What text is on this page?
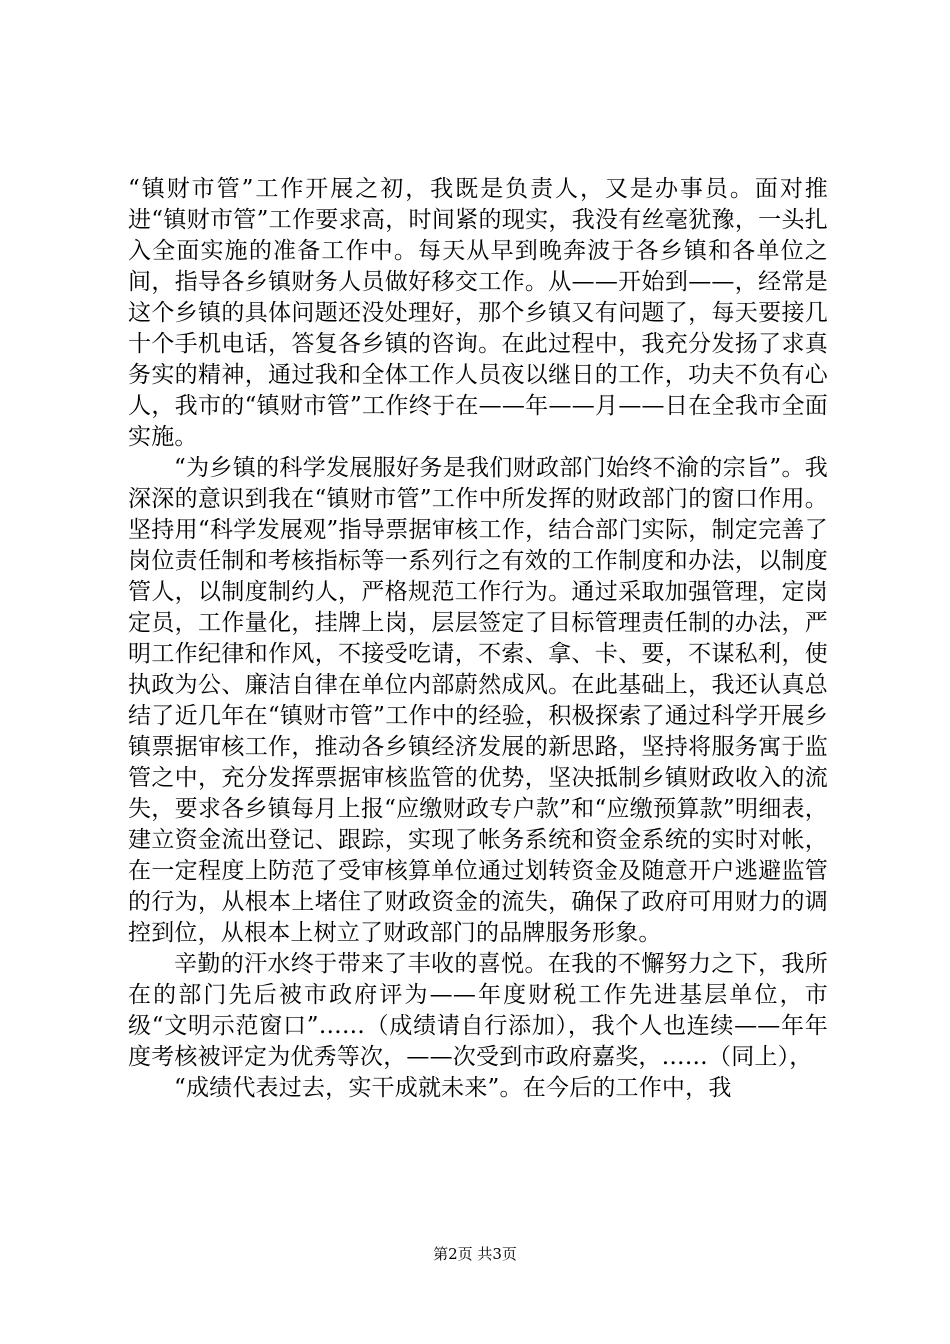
“镇财市管”工作开展之初，我既是负责人，又是办事员。面对推进“镇财市管”工作要求高，时间紧的现实，我没有丝毫犹豫，一头扎入全面实施的准备工作中。每天从早到晚奔波于各乡镇和各单位之间，指导各乡镇财务人员做好移交工作。从——开始到——，经常是这个乡镇的具体问题还没处理好，那个乡镇又有问题了，每天要接几十个手机电话，答复各乡镇的咨询。在此过程中，我充分发扬了求真务实的精神，通过我和全体工作人员夜以继日的工作，功夫不负有心人，我市的“镇财市管”工作终于在——年——月——日在全我市全面实施。

“为乡镇的科学发展服好务是我们财政部门始终不渝的宗旨”。我深深的意识到我在“镇财市管”工作中所发挥的财政部门的窗口作用。坚持用“科学发展观”指导票据审核工作，结合部门实际，制定完善了岗位责任制和考核指标等一系列行之有效的工作制度和办法，以制度管人，以制度制约人，严格规范工作行为。通过采取加强管理，定岗定员，工作量化，挂牌上岗，层层签定了目标管理责任制的办法，严明工作纪律和作风，不接受吃请，不索、拿、卡、要，不谋私利，使执政为公、廉洁自律在单位内部蔚然成风。在此基础上，我还认真总结了近几年在“镇财市管”工作中的经验，积极探索了通过科学开展乡镇票据审核工作，推动各乡镇经济发展的新思路，坚持将服务寓于监管之中，充分发挥票据审核监管的优势，坚决抵制乡镇财政收入的流失，要求各乡镇每月上报“应缴财政专户款”和“应缴预算款”明细表，建立资金流出登记、跟踪，实现了帐务系统和资金系统的实时对帐，在一定程度上防范了受审核算单位通过划转资金及随意开户逃避监管的行为，从根本上堵住了财政资金的流失，确保了政府可用财力的调控到位，从根本上树立了财政部门的品牌服务形象。

辛勤的汗水终于带来了丰收的喜悦。在我的不懈努力之下，我所在的部门先后被市政府评为——年度财税工作先进基层单位，市级“文明示范窗口”……（成绩请自行添加），我个人也连续——年年度考核被评定为优秀等次，——次受到市政府嘉奖，……（同上），

“成绩代表过去，实干成就未来”。在今后的工作中，我

第2页 共3页
